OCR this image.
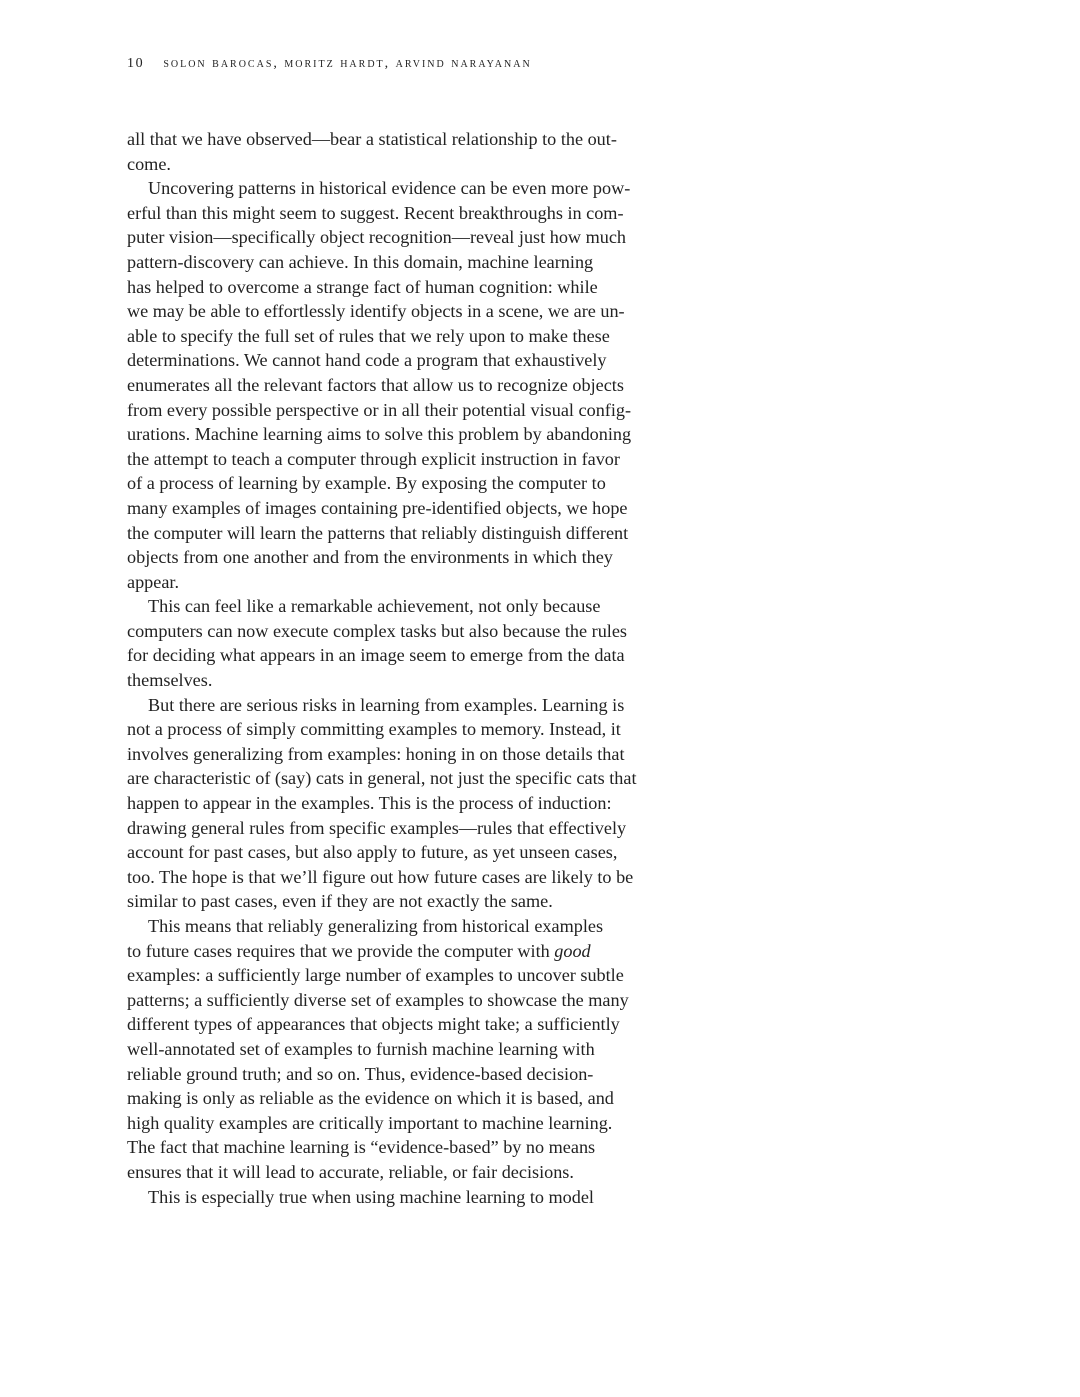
10 solon barocas, moritz hardt, arvind narayanan
all that we have observed—bear a statistical relationship to the out-
come.
Uncovering patterns in historical evidence can be even more pow-
erful than this might seem to suggest. Recent breakthroughs in com-
puter vision—specifically object recognition—reveal just how much
pattern-discovery can achieve. In this domain, machine learning
has helped to overcome a strange fact of human cognition: while
we may be able to effortlessly identify objects in a scene, we are un-
able to specify the full set of rules that we rely upon to make these
determinations. We cannot hand code a program that exhaustively
enumerates all the relevant factors that allow us to recognize objects
from every possible perspective or in all their potential visual config-
urations. Machine learning aims to solve this problem by abandoning
the attempt to teach a computer through explicit instruction in favor
of a process of learning by example. By exposing the computer to
many examples of images containing pre-identified objects, we hope
the computer will learn the patterns that reliably distinguish different
objects from one another and from the environments in which they
appear.
This can feel like a remarkable achievement, not only because
computers can now execute complex tasks but also because the rules
for deciding what appears in an image seem to emerge from the data
themselves.
But there are serious risks in learning from examples. Learning is
not a process of simply committing examples to memory. Instead, it
involves generalizing from examples: honing in on those details that
are characteristic of (say) cats in general, not just the specific cats that
happen to appear in the examples. This is the process of induction:
drawing general rules from specific examples—rules that effectively
account for past cases, but also apply to future, as yet unseen cases,
too. The hope is that we’ll figure out how future cases are likely to be
similar to past cases, even if they are not exactly the same.
This means that reliably generalizing from historical examples
to future cases requires that we provide the computer with good
examples: a sufficiently large number of examples to uncover subtle
patterns; a sufficiently diverse set of examples to showcase the many
different types of appearances that objects might take; a sufficiently
well-annotated set of examples to furnish machine learning with
reliable ground truth; and so on. Thus, evidence-based decision-
making is only as reliable as the evidence on which it is based, and
high quality examples are critically important to machine learning.
The fact that machine learning is “evidence-based” by no means
ensures that it will lead to accurate, reliable, or fair decisions.
This is especially true when using machine learning to model
